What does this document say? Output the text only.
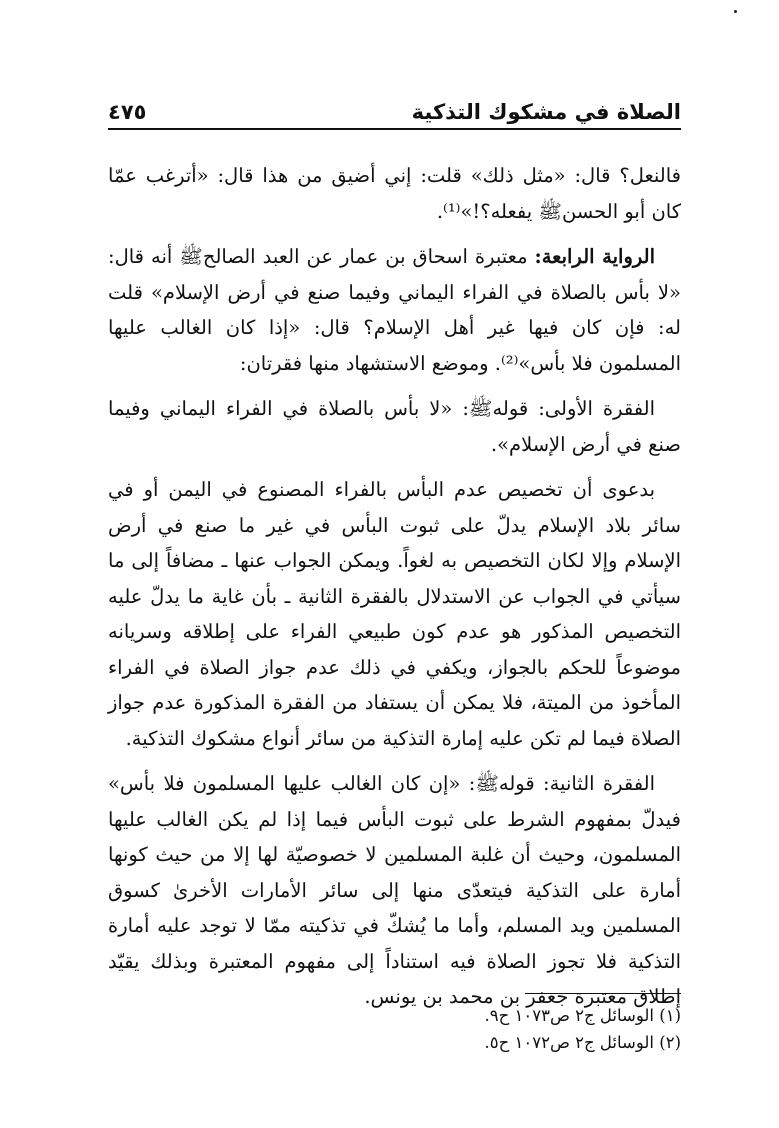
الصلاة في مشكوك التذكية
٤٧٥

فالنعل؟ قال: «مثل ذلك» قلت: إني أضيق من هذا قال: «أترغب عمّا كان أبو الحسنﷺ يفعله؟!»⁽¹⁾.

الرواية الرابعة: معتبرة اسحاق بن عمار عن العبد الصالحﷺ أنه قال: «لا بأس بالصلاة في الفراء اليماني وفيما صنع في أرض الإسلام» قلت له: فإن كان فيها غير أهل الإسلام؟ قال: «إذا كان الغالب عليها المسلمون فلا بأس»⁽²⁾. وموضع الاستشهاد منها فقرتان:

الفقرة الأولى: قولهﷺ: «لا بأس بالصلاة في الفراء اليماني وفيما صنع في أرض الإسلام».

بدعوى أن تخصيص عدم البأس بالفراء المصنوع في اليمن أو في سائر بلاد الإسلام يدلّ على ثبوت البأس في غير ما صنع في أرض الإسلام وإلا لكان التخصيص به لغواً. ويمكن الجواب عنها ـ مضافاً إلى ما سيأتي في الجواب عن الاستدلال بالفقرة الثانية ـ بأن غاية ما يدلّ عليه التخصيص المذكور هو عدم كون طبيعي الفراء على إطلاقه وسريانه موضوعاً للحكم بالجواز، ويكفي في ذلك عدم جواز الصلاة في الفراء المأخوذ من الميتة، فلا يمكن أن يستفاد من الفقرة المذكورة عدم جواز الصلاة فيما لم تكن عليه إمارة التذكية من سائر أنواع مشكوك التذكية.

الفقرة الثانية: قولهﷺ: «إن كان الغالب عليها المسلمون فلا بأس» فيدلّ بمفهوم الشرط على ثبوت البأس فيما إذا لم يكن الغالب عليها المسلمون، وحيث أن غلبة المسلمين لا خصوصيّة لها إلا من حيث كونها أمارة على التذكية فيتعدّى منها إلى سائر الأمارات الأخرىٰ كسوق المسلمين ويد المسلم، وأما ما يُشكّ في تذكيته ممّا لا توجد عليه أمارة التذكية فلا تجوز الصلاة فيه استناداً إلى مفهوم المعتبرة وبذلك يقيّد إطلاق معتبرة جعفر بن محمد بن يونس.

(١) الوسائل ج٢ ص١٠٧٣ ح٩.

(٢) الوسائل ج٢ ص١٠٧٢ ح٥.
